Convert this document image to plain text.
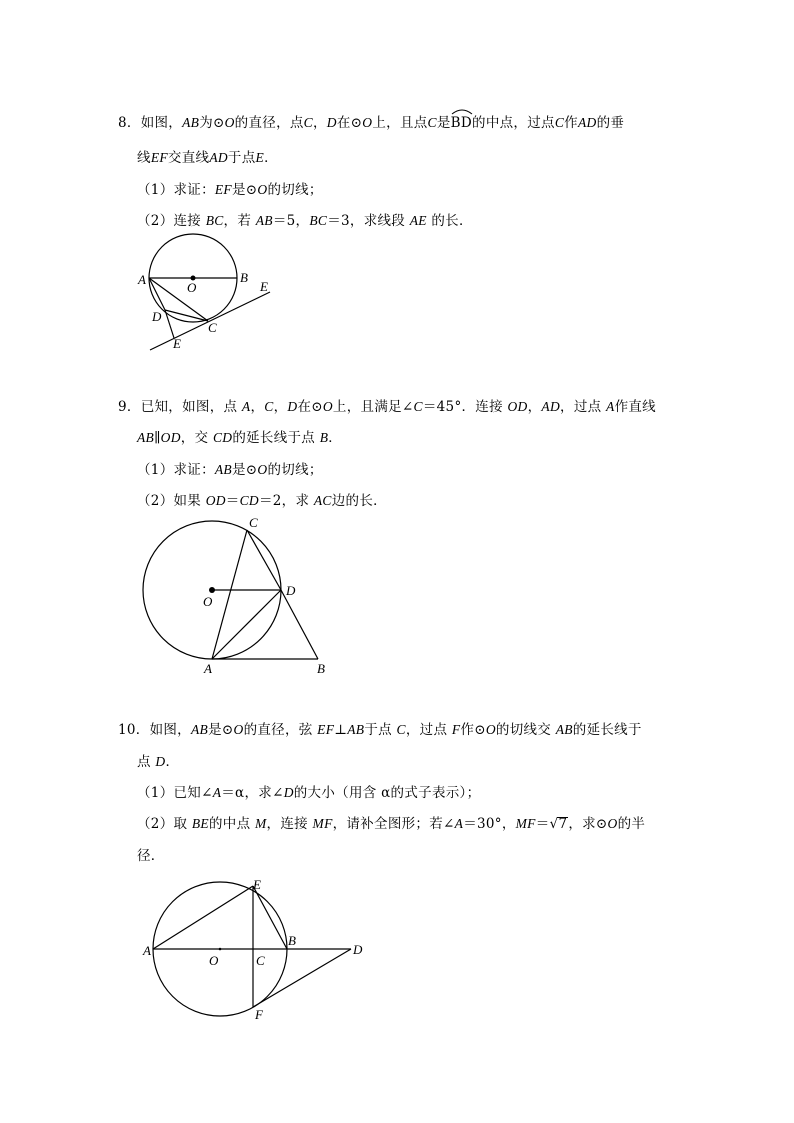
8．如图，AB为⊙O的直径，点C，D在⊙O上，且点C是
BD的中点，过点C作AD的垂
线EF交直线AD于点E．
（1）求证：EF是⊙O的切线；
（2）连接 BC，若 AB＝5，BC＝3，求线段 AE 的长．
A	B
O
D
C
E
E
9．已知，如图，点 A，C，D在⊙O上，且满足∠C＝45°．连接 OD，AD，过点 A作直线
AB∥OD，交 CD的延长线于点 B．
（1）求证：AB是⊙O的切线；
（2）如果 OD＝CD＝2，求 AC边的长．
C
O
D
A	B
10．如图，AB是⊙O的直径，弦 EF⊥AB于点 C，过点 F作⊙O的切线交 AB的延长线于
点 D．
（1）已知∠A＝α，求∠D的大小（用含 α的式子表示）；
（2）取 BE的中点 M，连接 MF，请补全图形；若∠A＝30°，MF＝√7，求⊙O的半
径．
E
A
O	C
B
D
F
